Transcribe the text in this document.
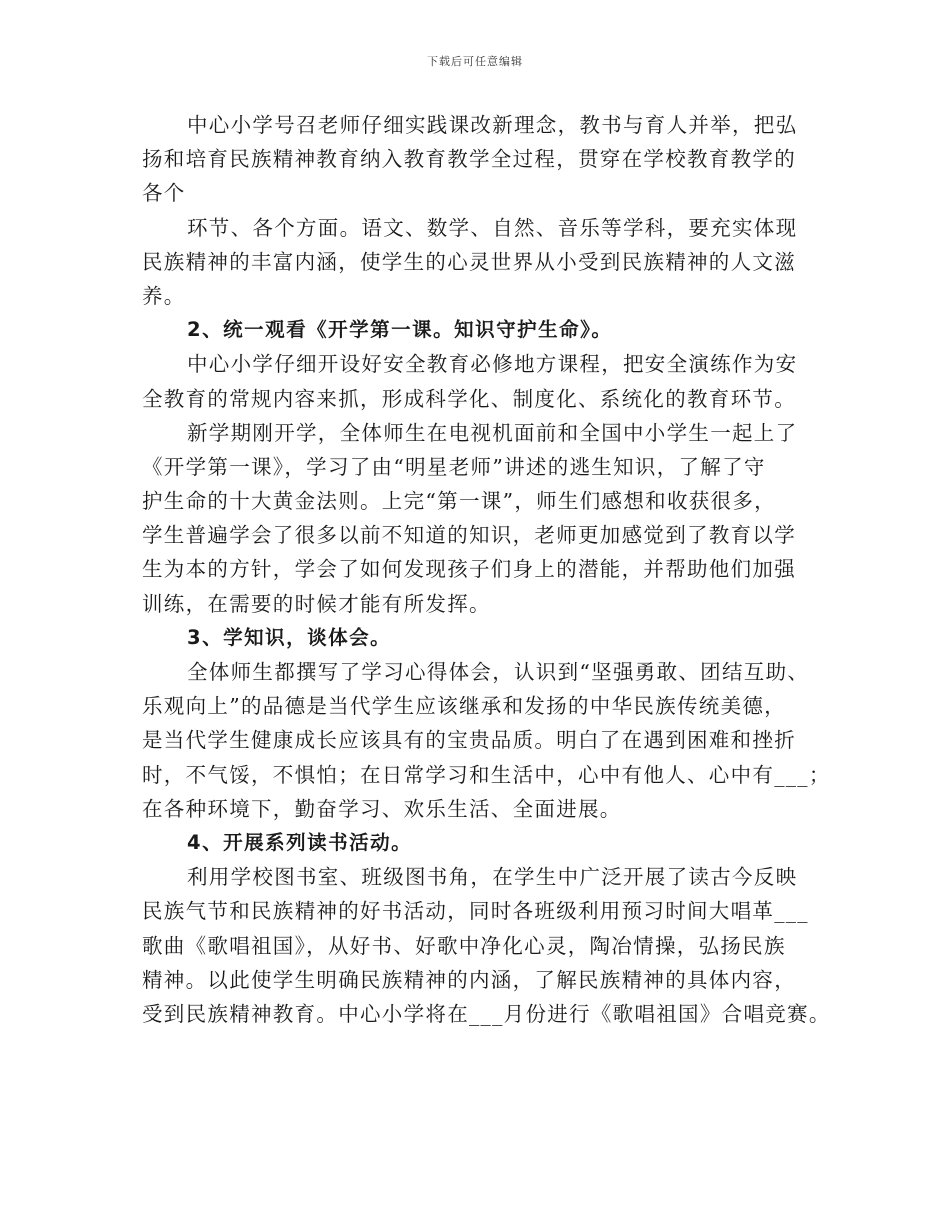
下载后可任意编辑
中心小学号召老师仔细实践课改新理念，教书与育人并举，把弘
扬和培育民族精神教育纳入教育教学全过程，贯穿在学校教育教学的
各个
环节、各个方面。语文、数学、自然、音乐等学科，要充实体现
民族精神的丰富内涵，使学生的心灵世界从小受到民族精神的人文滋
养。
2、统一观看《开学第一课。知识守护生命》。
中心小学仔细开设好安全教育必修地方课程，把安全演练作为安
全教育的常规内容来抓，形成科学化、制度化、系统化的教育环节。
新学期刚开学，全体师生在电视机面前和全国中小学生一起上了
《开学第一课》，学习了由“明星老师”讲述的逃生知识，了解了守
护生命的十大黄金法则。上完“第一课”，师生们感想和收获很多，
学生普遍学会了很多以前不知道的知识，老师更加感觉到了教育以学
生为本的方针，学会了如何发现孩子们身上的潜能，并帮助他们加强
训练，在需要的时候才能有所发挥。
3、学知识，谈体会。
全体师生都撰写了学习心得体会，认识到“坚强勇敢、团结互助、
乐观向上”的品德是当代学生应该继承和发扬的中华民族传统美德，
是当代学生健康成长应该具有的宝贵品质。明白了在遇到困难和挫折
时，不气馁，不惧怕；在日常学习和生活中，心中有他人、心中有___；
在各种环境下，勤奋学习、欢乐生活、全面进展。
4、开展系列读书活动。
利用学校图书室、班级图书角，在学生中广泛开展了读古今反映
民族气节和民族精神的好书活动，同时各班级利用预习时间大唱革___
歌曲《歌唱祖国》，从好书、好歌中净化心灵，陶冶情操，弘扬民族
精神。以此使学生明确民族精神的内涵，了解民族精神的具体内容，
受到民族精神教育。中心小学将在___月份进行《歌唱祖国》合唱竞赛。
